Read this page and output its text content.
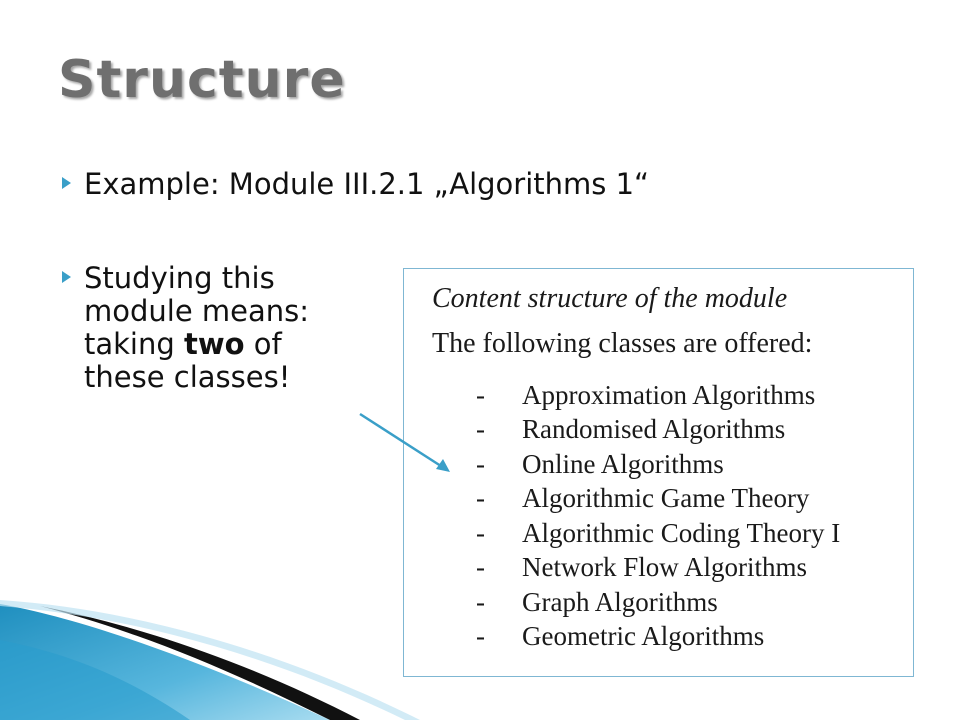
Structure
Example: Module III.2.1 „Algorithms 1“
Studying this module means: taking two of these classes!
Content structure of the module
The following classes are offered:
-	Approximation Algorithms
-	Randomised Algorithms
-	Online Algorithms
-	Algorithmic Game Theory
-	Algorithmic Coding Theory I
-	Network Flow Algorithms
-	Graph Algorithms
-	Geometric Algorithms
